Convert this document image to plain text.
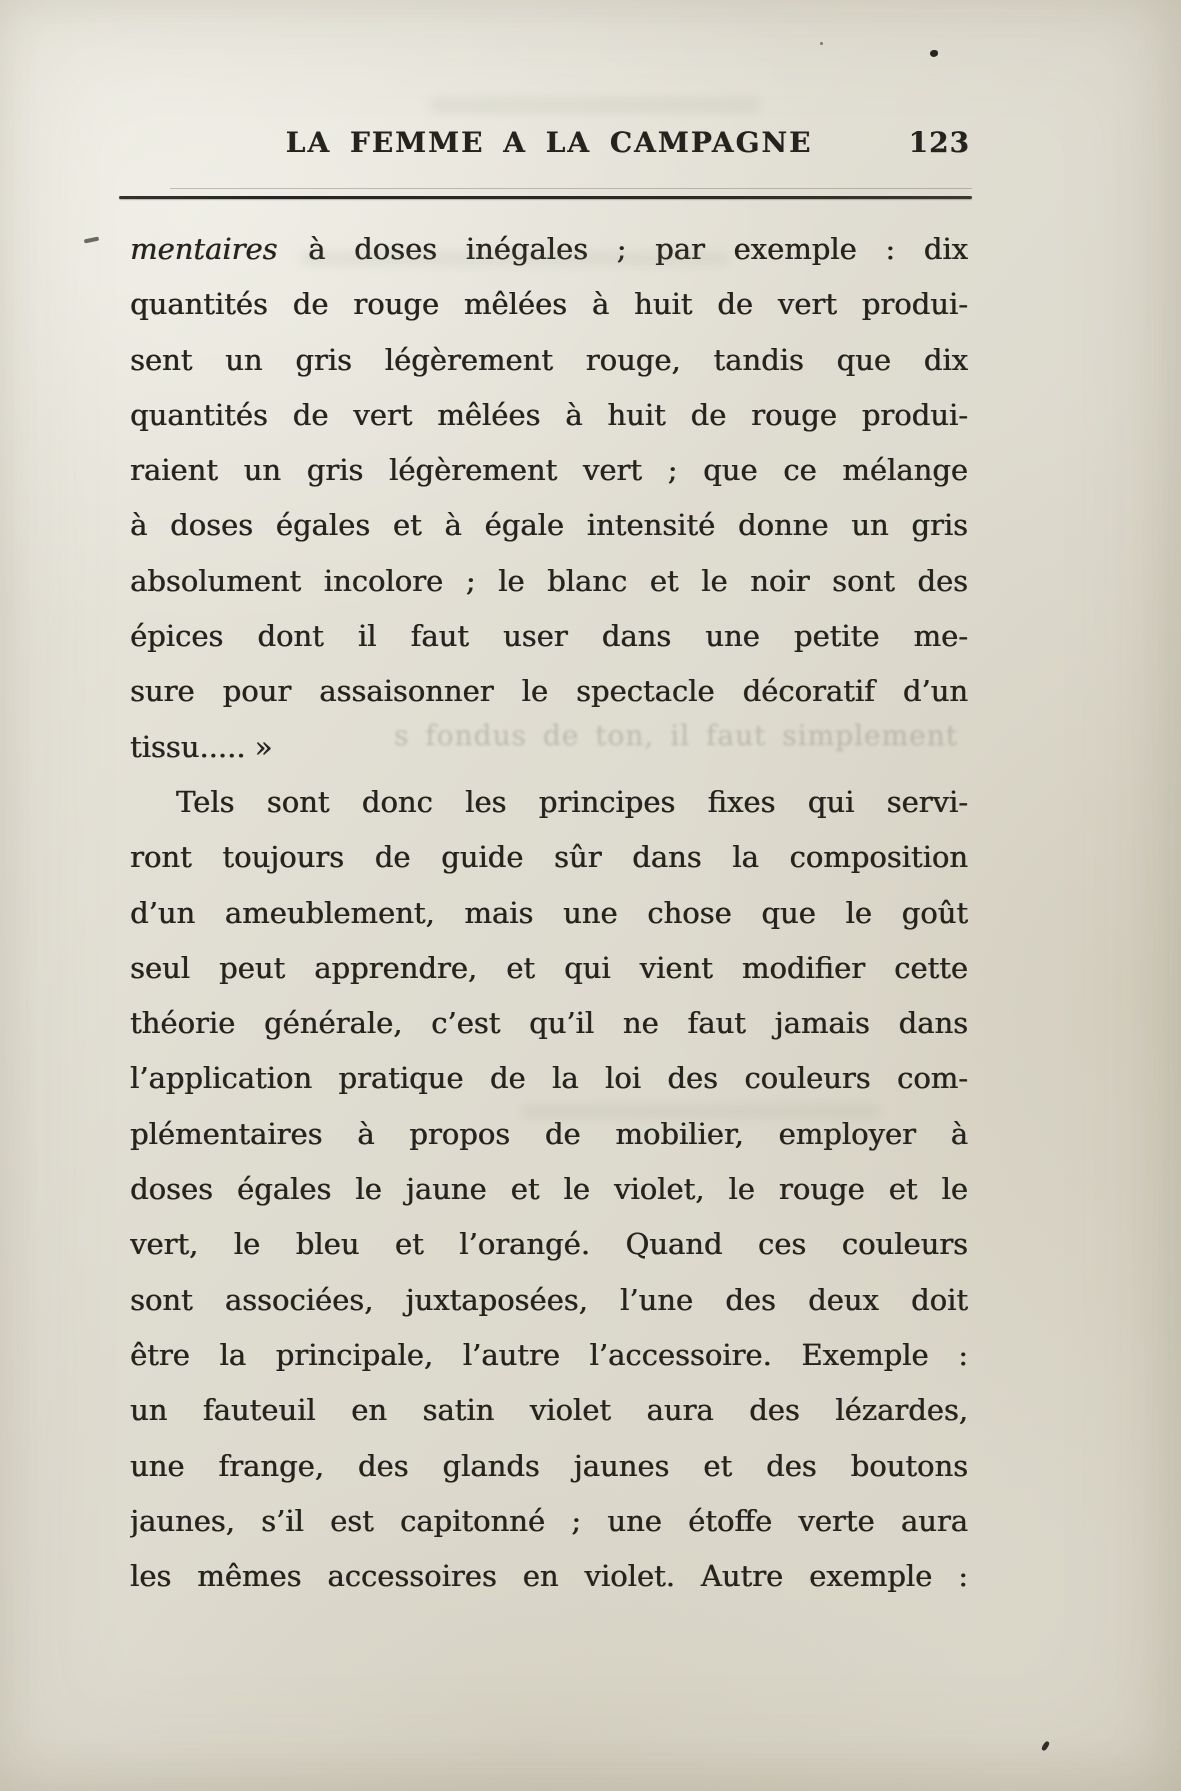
LA FEMME A LA CAMPAGNE	123
s fondus de ton, il faut simplement
mentaires à doses inégales ; par exemple : dix
quantités de rouge mêlées à huit de vert produi-
sent un gris légèrement rouge, tandis que dix
quantités de vert mêlées à huit de rouge produi-
raient un gris légèrement vert ; que ce mélange
à doses égales et à égale intensité donne un gris
absolument incolore ; le blanc et le noir sont des
épices dont il faut user dans une petite me-
sure pour assaisonner le spectacle décoratif d’un
tissu..... »
Tels sont donc les principes fixes qui servi-
ront toujours de guide sûr dans la composition
d’un ameublement, mais une chose que le goût
seul peut apprendre, et qui vient modifier cette
théorie générale, c’est qu’il ne faut jamais dans
l’application pratique de la loi des couleurs com-
plémentaires à propos de mobilier, employer à
doses égales le jaune et le violet, le rouge et le
vert, le bleu et l’orangé. Quand ces couleurs
sont associées, juxtaposées, l’une des deux doit
être la principale, l’autre l’accessoire. Exemple :
un fauteuil en satin violet aura des lézardes,
une frange, des glands jaunes et des boutons
jaunes, s’il est capitonné ; une étoffe verte aura
les mêmes accessoires en violet. Autre exemple :
